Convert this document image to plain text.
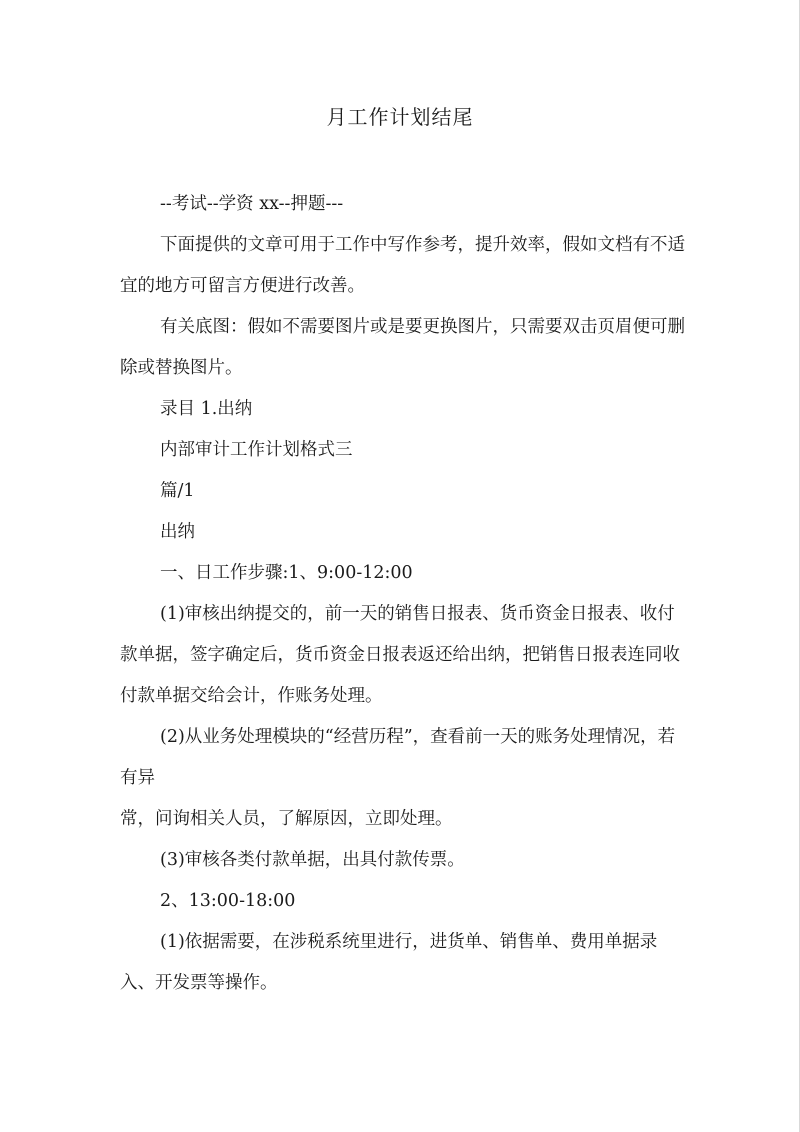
月工作计划结尾

--考试--学资 xx--押题---

下面提供的文章可用于工作中写作参考，提升效率，假如文档有不适宜的地方可留言方便进行改善。

有关底图：假如不需要图片或是要更换图片，只需要双击页眉便可删除或替换图片。

录目 1.出纳

内部审计工作计划格式三

篇/1

出纳

一、日工作步骤:1、9:00-12:00

(1)审核出纳提交的，前一天的销售日报表、货币资金日报表、收付款单据，签字确定后，货币资金日报表返还给出纳，把销售日报表连同收付款单据交给会计，作账务处理。

(2)从业务处理模块的“经营历程”，查看前一天的账务处理情况，若有异

常，问询相关人员，了解原因，立即处理。

(3)审核各类付款单据，出具付款传票。

2、13:00-18:00

(1)依据需要，在涉税系统里进行，进货单、销售单、费用单据录入、开发票等操作。
